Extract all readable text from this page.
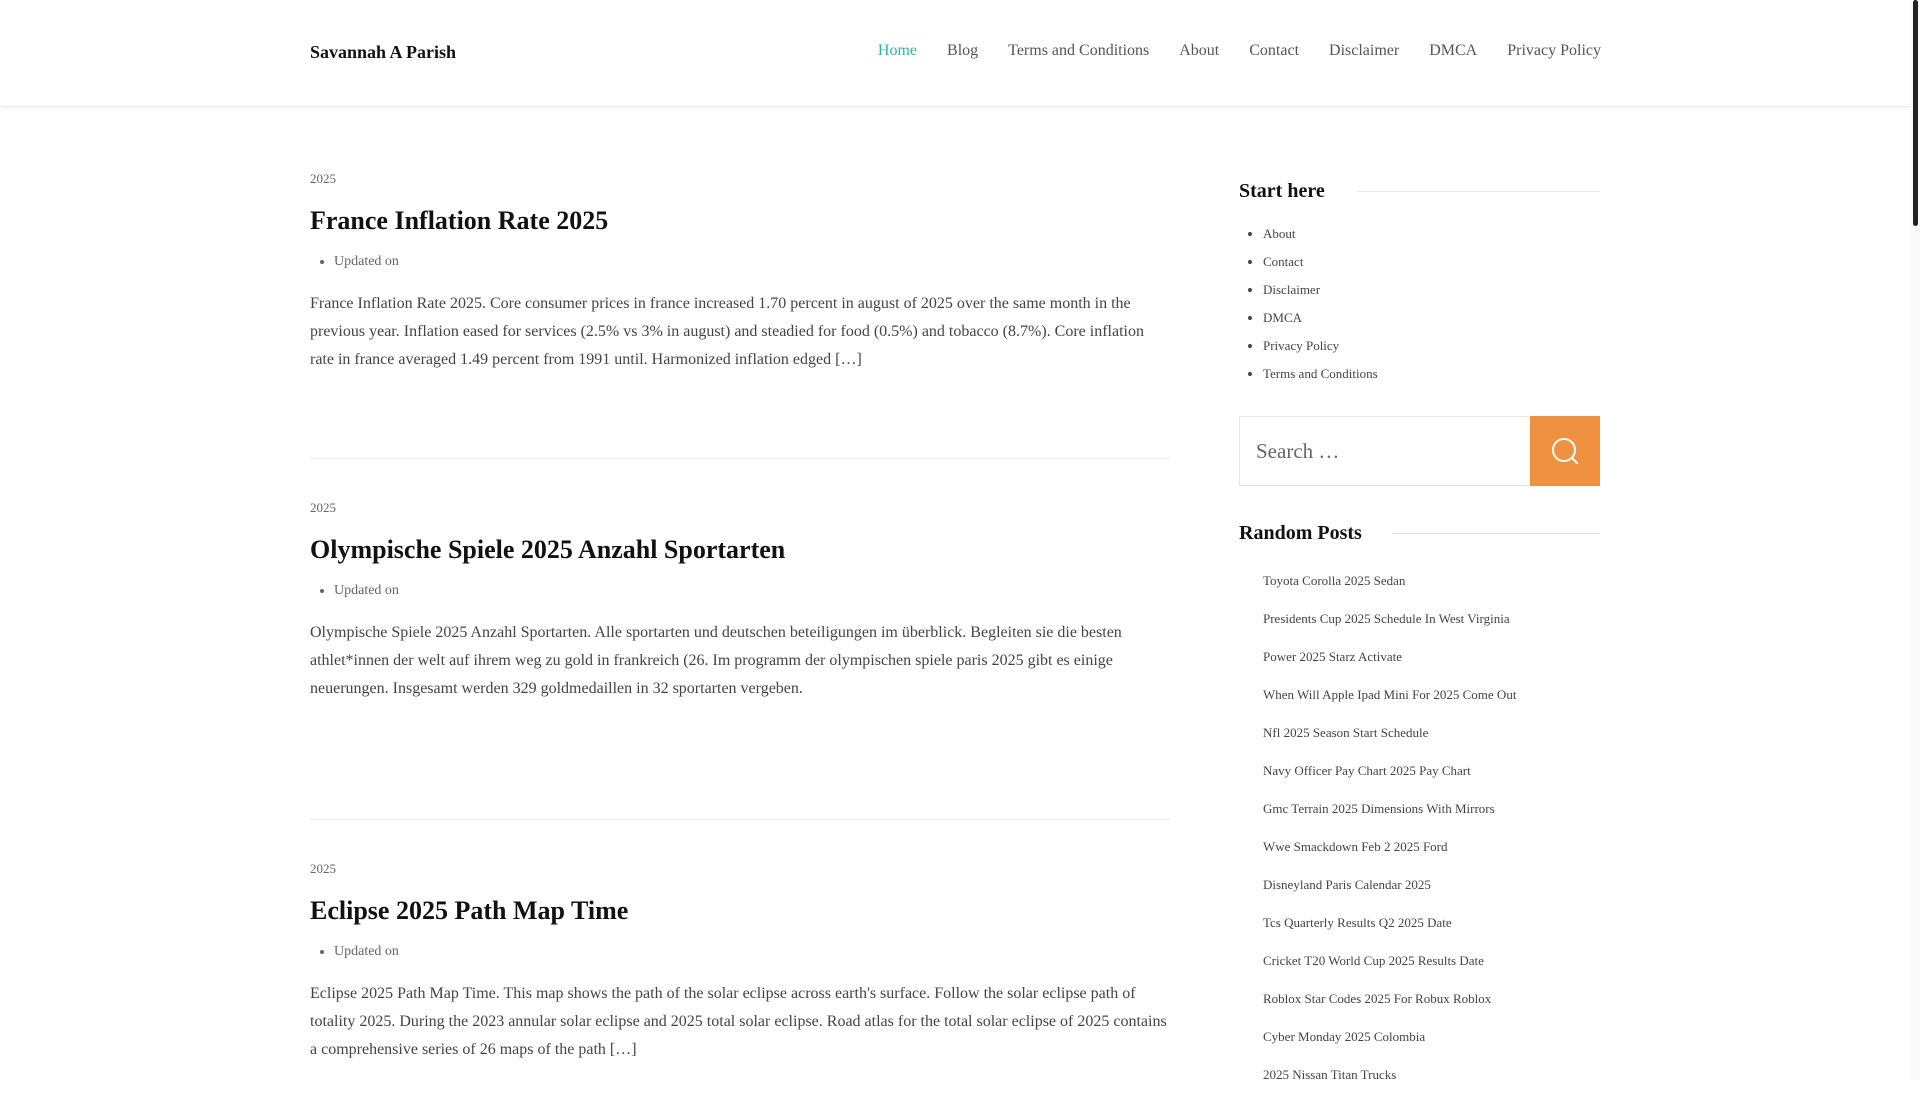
Savannah A Parish	Home Blog Terms and Conditions About Contact Disclaimer DMCA Privacy Policy
2025
France Inflation Rate 2025
• Updated on

France Inflation Rate 2025. Core consumer prices in france increased 1.70 percent in august of 2025 over the same month in the previous year. Inflation eased for services (2.5% vs 3% in august) and steadied for food (0.5%) and tobacco (8.7%). Core inflation rate in france averaged 1.49 percent from 1991 until. Harmonized inflation edged […]

2025
Olympische Spiele 2025 Anzahl Sportarten
• Updated on

Olympische Spiele 2025 Anzahl Sportarten. Alle sportarten und deutschen beteiligungen im überblick. Begleiten sie die besten athlet*innen der welt auf ihrem weg zu gold in frankreich (26. Im programm der olympischen spiele paris 2025 gibt es einige neuerungen. Insgesamt werden 329 goldmedaillen in 32 sportarten vergeben.

2025
Eclipse 2025 Path Map Time
• Updated on

Eclipse 2025 Path Map Time. This map shows the path of the solar eclipse across earth's surface. Follow the solar eclipse path of totality 2025. During the 2023 annular solar eclipse and 2025 total solar eclipse. Road atlas for the total solar eclipse of 2025 contains a comprehensive series of 26 maps of the path […]

Start here
• About
• Contact
• Disclaimer
• DMCA
• Privacy Policy
• Terms and Conditions
Search …
Random Posts
Toyota Corolla 2025 Sedan
Presidents Cup 2025 Schedule In West Virginia
Power 2025 Starz Activate
When Will Apple Ipad Mini For 2025 Come Out
Nfl 2025 Season Start Schedule
Navy Officer Pay Chart 2025 Pay Chart
Gmc Terrain 2025 Dimensions With Mirrors
Wwe Smackdown Feb 2 2025 Ford
Disneyland Paris Calendar 2025
Tcs Quarterly Results Q2 2025 Date
Cricket T20 World Cup 2025 Results Date
Roblox Star Codes 2025 For Robux Roblox
Cyber Monday 2025 Colombia
2025 Nissan Titan Trucks
